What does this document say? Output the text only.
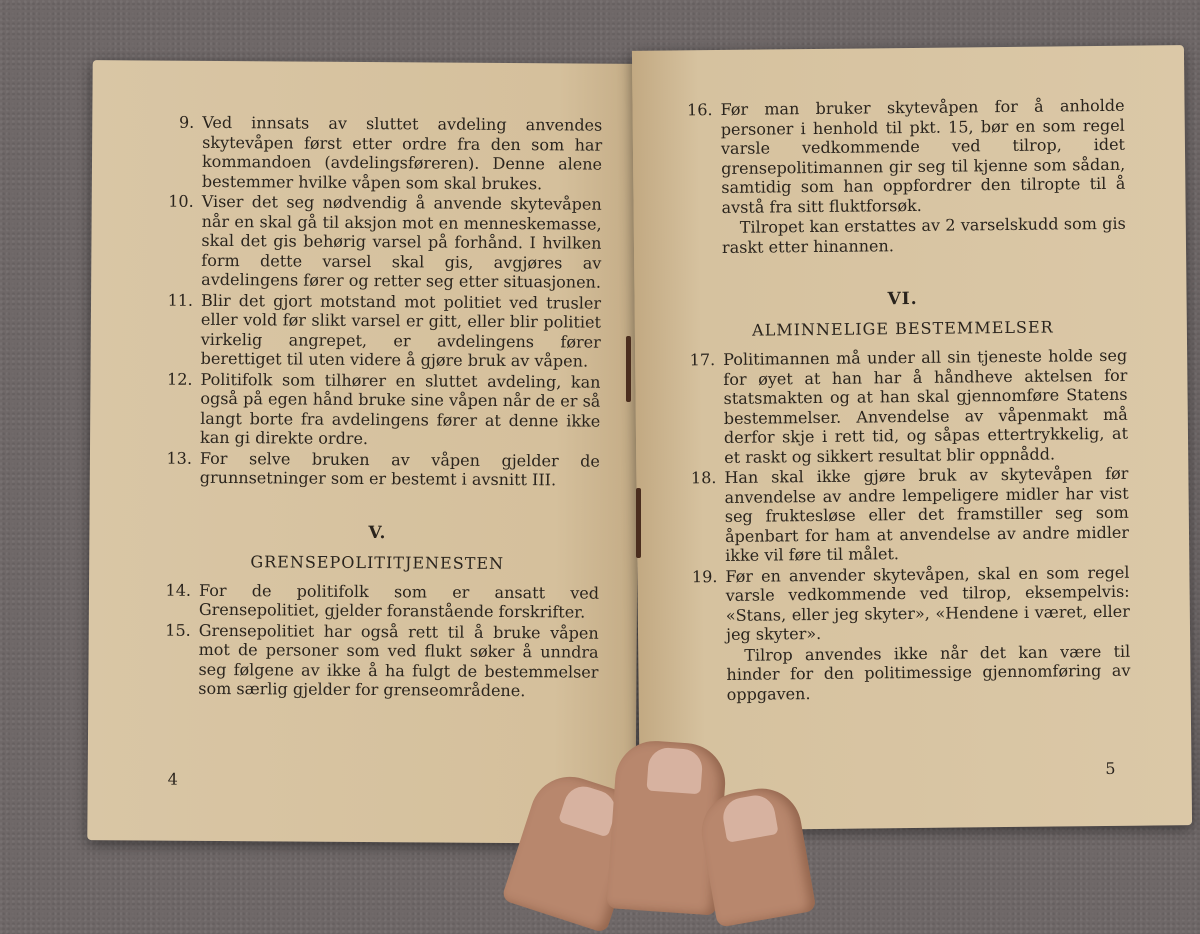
9. Ved innsats av sluttet avdeling anvendes skytevåpen først etter ordre fra den som har kommandoen (avdelingsføreren). Denne alene bestemmer hvilke våpen som skal brukes.
10. Viser det seg nødvendig å anvende skytevåpen når en skal gå til aksjon mot en menneskemasse, skal det gis behørig varsel på forhånd. I hvilken form dette varsel skal gis, avgjøres av avdelingens fører og retter seg etter situasjonen.
11. Blir det gjort motstand mot politiet ved trusler eller vold før slikt varsel er gitt, eller blir politiet virkelig angrepet, er avdelingens fører berettiget til uten videre å gjøre bruk av våpen.
12. Politifolk som tilhører en sluttet avdeling, kan også på egen hånd bruke sine våpen når de er så langt borte fra avdelingens fører at denne ikke kan gi direkte ordre.
13. For selve bruken av våpen gjelder de grunnsetninger som er bestemt i avsnitt III.
V.
GRENSEPOLITITJENESTEN
14. For de politifolk som er ansatt ved Grensepolitiet, gjelder foranstående forskrifter.
15. Grensepolitiet har også rett til å bruke våpen mot de personer som ved flukt søker å unndra seg følgene av ikke å ha fulgt de bestemmelser som særlig gjelder for grenseområdene.
4
16. Før man bruker skytevåpen for å anholde personer i henhold til pkt. 15, bør en som regel varsle vedkommende ved tilrop, idet grensepolitimannen gir seg til kjenne som sådan, samtidig som han oppfordrer den tilropte til å avstå fra sitt fluktforsøk.
Tilropet kan erstattes av 2 varselskudd som gis raskt etter hinannen.
VI.
ALMINNELIGE BESTEMMELSER
17. Politimannen må under all sin tjeneste holde seg for øyet at han har å håndheve aktelsen for statsmakten og at han skal gjennomføre Statens bestemmelser. Anvendelse av våpenmakt må derfor skje i rett tid, og såpas ettertrykkelig, at et raskt og sikkert resultat blir oppnådd.
18. Han skal ikke gjøre bruk av skytevåpen før anvendelse av andre lempeligere midler har vist seg fruktesløse eller det framstiller seg som åpenbart for ham at anvendelse av andre midler ikke vil føre til målet.
19. Før en anvender skytevåpen, skal en som regel varsle vedkommende ved tilrop, eksempelvis: «Stans, eller jeg skyter», «Hendene i været, eller jeg skyter».
Tilrop anvendes ikke når det kan være til hinder for den politimessige gjennomføring av oppgaven.
5
